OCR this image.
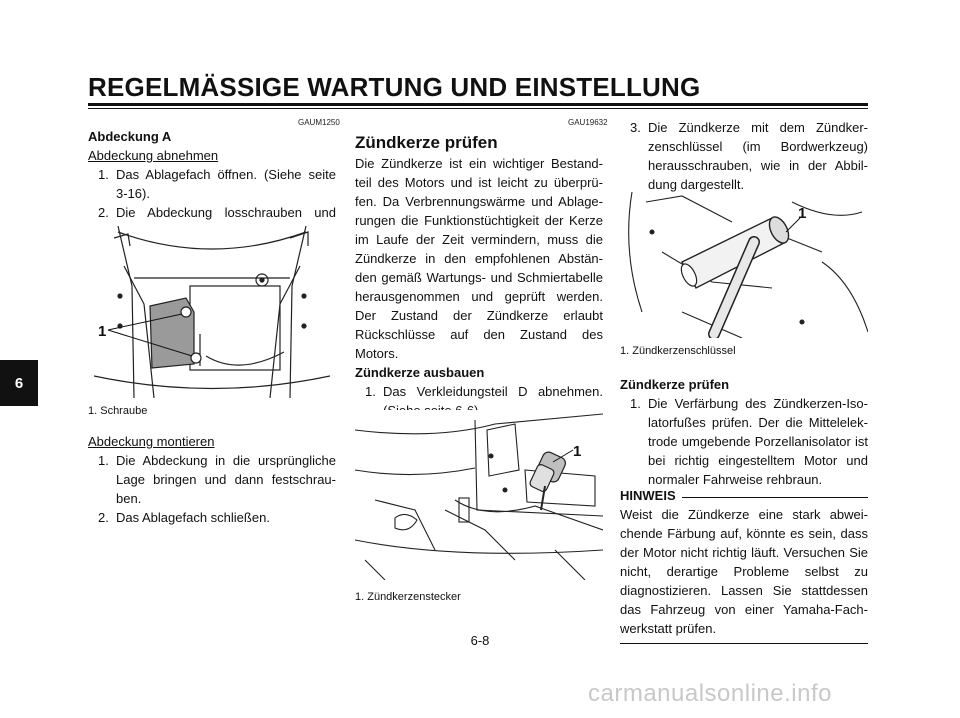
REGELMÄSSIGE WARTUNG UND EINSTELLUNG
6
GAUM1250
Abdeckung A
Abdeckung abnehmen
1. Das Ablagefach öffnen. (Siehe seite 3-16).
2. Die Abdeckung losschrauben und
1
1. Schraube
Abdeckung montieren
1. Die Abdeckung in die ursprüngliche Lage bringen und dann festschrau-ben.
2. Das Ablagefach schließen.
GAU19632
Zündkerze prüfen
Die Zündkerze ist ein wichtiger Bestand-teil des Motors und ist leicht zu überprü-fen. Da Verbrennungswärme und Ablage-rungen die Funktionstüchtigkeit der Kerze im Laufe der Zeit vermindern, muss die Zündkerze in den empfohlenen Abstän-den gemäß Wartungs- und Schmiertabelle herausgenommen und geprüft werden. Der Zustand der Zündkerze erlaubt Rückschlüsse auf den Zustand des Motors.
Zündkerze ausbauen
1. Das Verkleidungsteil D abnehmen.
1
1. Zündkerzenstecker
3. Die Zündkerze mit dem Zündker-zenschlüssel (im Bordwerkzeug) herausschrauben, wie in der Abbil-dung dargestellt.
1
1. Zündkerzenschlüssel
Zündkerze prüfen
1. Die Verfärbung des Zündkerzen-Iso-latorfußes prüfen. Der die Mittelelek-trode umgebende Porzellanisolator ist bei richtig eingestelltem Motor und normaler Fahrweise rehbraun.
HINWEIS
Weist die Zündkerze eine stark abwei-chende Färbung auf, könnte es sein, dass der Motor nicht richtig läuft. Versuchen Sie nicht, derartige Probleme selbst zu diagnostizieren. Lassen Sie stattdessen das Fahrzeug von einer Yamaha-Fach-werkstatt prüfen.
6-8
carmanualsonline.info
